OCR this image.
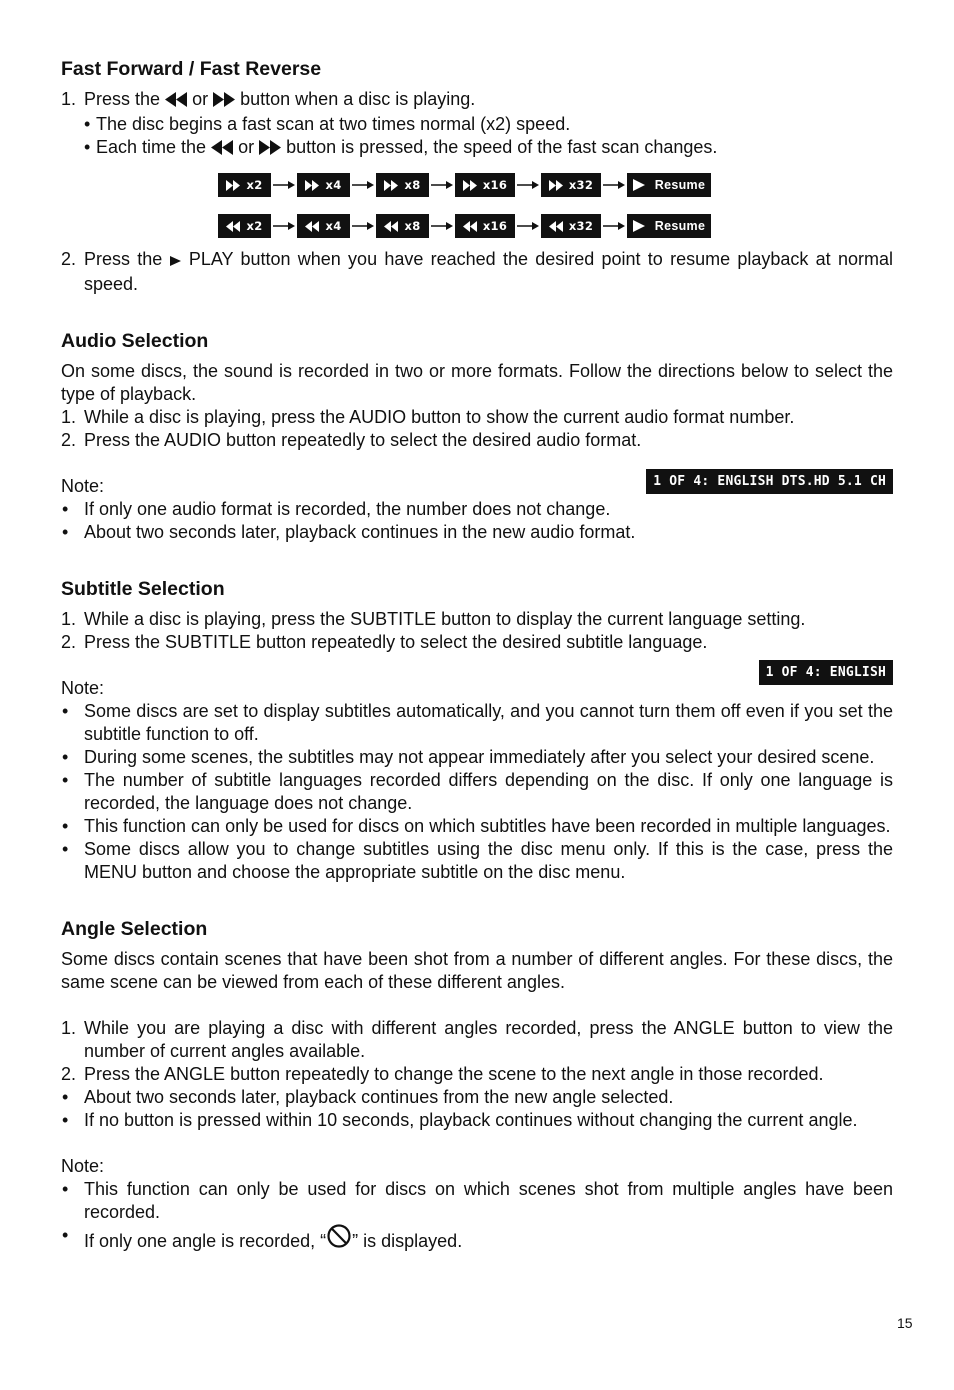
Fast Forward / Fast Reverse
1. Press the or button when a disc is playing.
• The disc begins a fast scan at two times normal (x2) speed.
• Each time the or button is pressed, the speed of the fast scan changes.
x2	x4	x8	x16	x32	Resume
x2	x4	x8	x16	x32	Resume
2. Press the PLAY button when you have reached the desired point to resume playback at normal speed.
Audio Selection

On some discs, the sound is recorded in two or more formats. Follow the directions below to select the type of playback.

1. While a disc is playing, press the AUDIO button to show the current audio format number.
2. Press the AUDIO button repeatedly to select the desired audio format.

Note:	1 OF 4: ENGLISH DTS.HD 5.1 CH
• If only one audio format is recorded, the number does not change.
• About two seconds later, playback continues in the new audio format.
Subtitle Selection
1. While a disc is playing, press the SUBTITLE button to display the current language setting.
2. Press the SUBTITLE button repeatedly to select the desired subtitle language.
1 OF 4: ENGLISH

Note:

• Some discs are set to display subtitles automatically, and you cannot turn them off even if you set the subtitle function to off.
• During some scenes, the subtitles may not appear immediately after you select your desired scene.
• The number of subtitle languages recorded differs depending on the disc. If only one language is recorded, the language does not change.
• This function can only be used for discs on which subtitles have been recorded in multiple languages.
• Some discs allow you to change subtitles using the disc menu only. If this is the case, press the MENU button and choose the appropriate subtitle on the disc menu.
Angle Selection

Some discs contain scenes that have been shot from a number of different angles. For these discs, the same scene can be viewed from each of these different angles.

1. While you are playing a disc with different angles recorded, press the ANGLE button to view the number of current angles available.
2. Press the ANGLE button repeatedly to change the scene to the next angle in those recorded.
• About two seconds later, playback continues from the new angle selected.
• If no button is pressed within 10 seconds, playback continues without changing the current angle.

Note:

• This function can only be used for discs on which scenes shot from multiple angles have been recorded.
• If only one angle is recorded, “ ” is displayed.
15
